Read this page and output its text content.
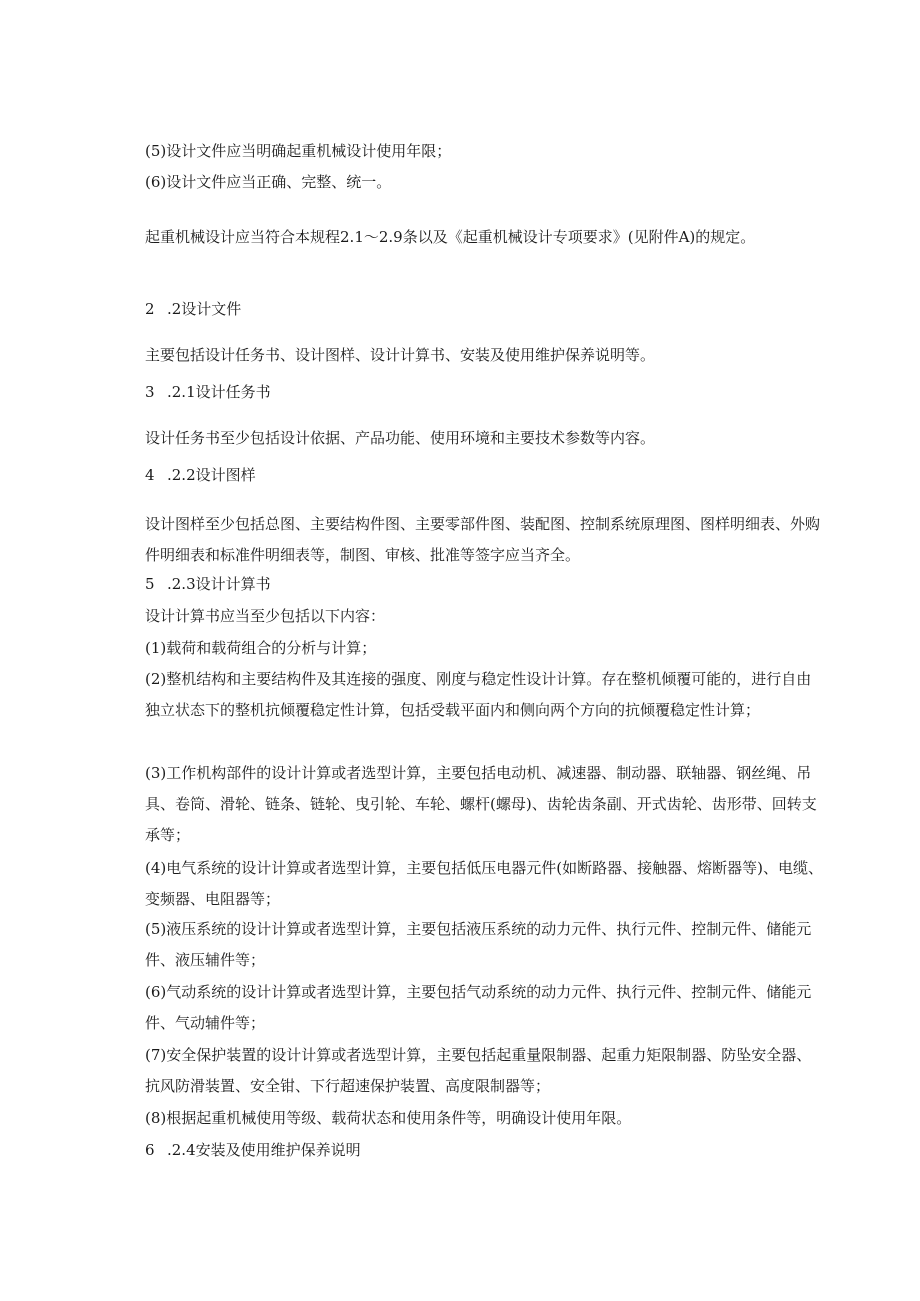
(5)设计文件应当明确起重机械设计使用年限；
(6)设计文件应当正确、完整、统一。
起重机械设计应当符合本规程2.1〜2.9条以及《起重机械设计专项要求》(见附件A)的规定。
2 .2设计文件
主要包括设计任务书、设计图样、设计计算书、安装及使用维护保养说明等。
3 .2.1设计任务书
设计任务书至少包括设计依据、产品功能、使用环境和主要技术参数等内容。
4 .2.2设计图样
设计图样至少包括总图、主要结构件图、主要零部件图、装配图、控制系统原理图、图样明细表、外购件明细表和标准件明细表等，制图、审核、批准等签字应当齐全。
5 .2.3设计计算书
设计计算书应当至少包括以下内容：
(1)载荷和载荷组合的分析与计算；
(2)整机结构和主要结构件及其连接的强度、刚度与稳定性设计计算。存在整机倾覆可能的，进行自由独立状态下的整机抗倾覆稳定性计算，包括受载平面内和侧向两个方向的抗倾覆稳定性计算；
(3)工作机构部件的设计计算或者选型计算，主要包括电动机、减速器、制动器、联轴器、钢丝绳、吊具、卷筒、滑轮、链条、链轮、曳引轮、车轮、螺杆(螺母)、齿轮齿条副、开式齿轮、齿形带、回转支承等；
(4)电气系统的设计计算或者选型计算，主要包括低压电器元件(如断路器、接触器、熔断器等)、电缆、变频器、电阻器等；
(5)液压系统的设计计算或者选型计算，主要包括液压系统的动力元件、执行元件、控制元件、储能元件、液压辅件等；
(6)气动系统的设计计算或者选型计算，主要包括气动系统的动力元件、执行元件、控制元件、储能元件、气动辅件等；
(7)安全保护装置的设计计算或者选型计算，主要包括起重量限制器、起重力矩限制器、防坠安全器、抗风防滑装置、安全钳、下行超速保护装置、高度限制器等；
(8)根据起重机械使用等级、载荷状态和使用条件等，明确设计使用年限。
6 .2.4安装及使用维护保养说明
